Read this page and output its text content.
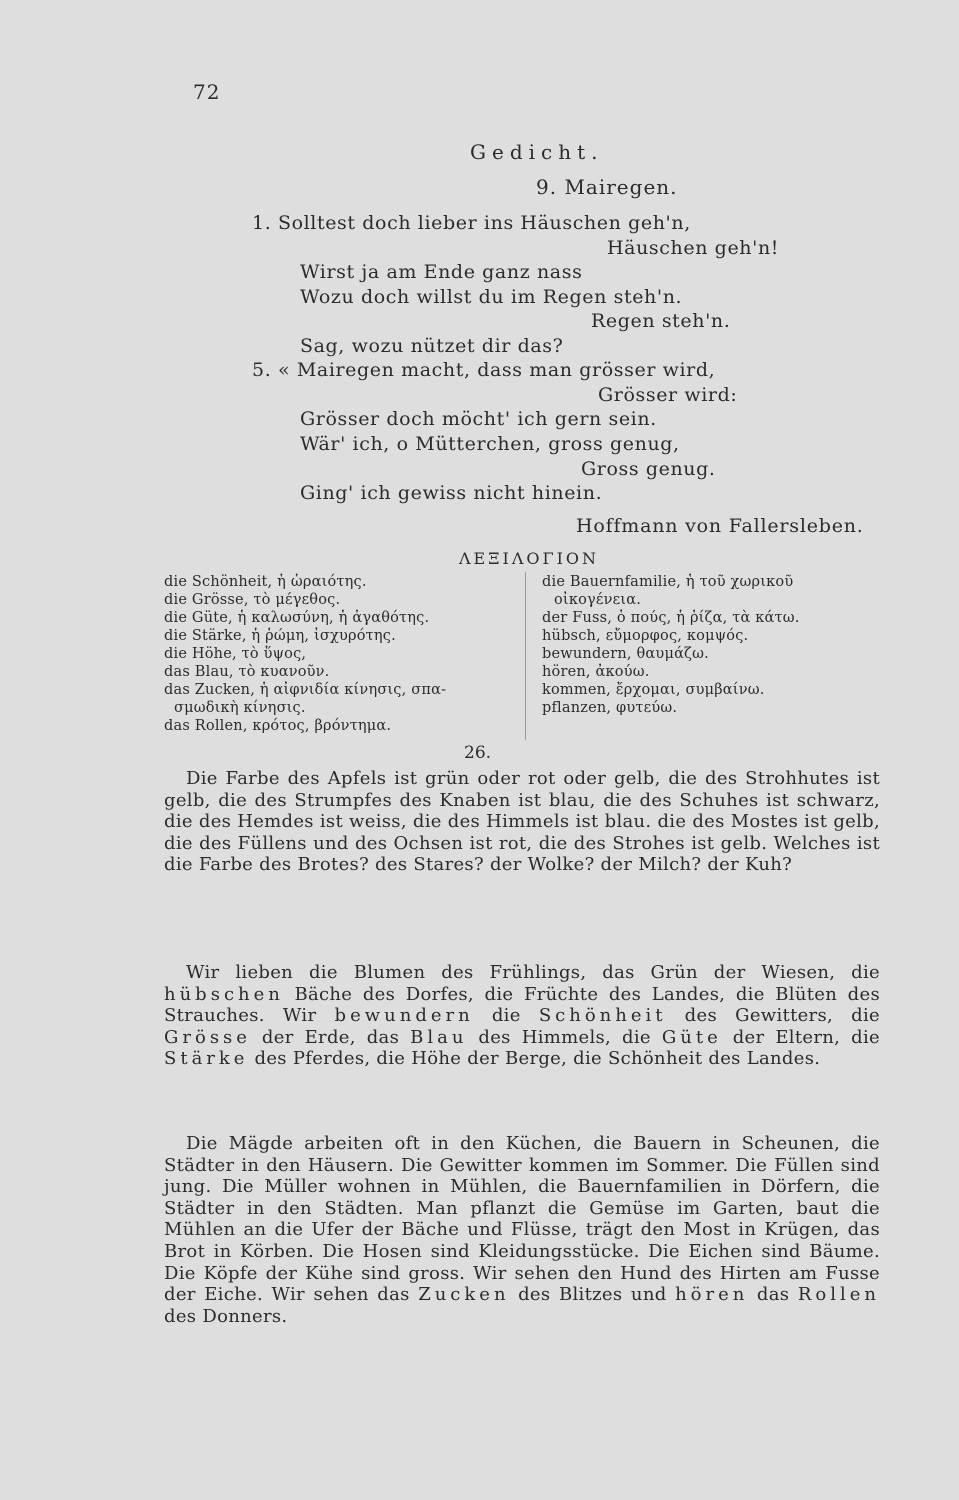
72
Gedicht.
9. Mairegen.
1. Solltest doch lieber ins Häuschen geh'n,
Häuschen geh'n!
Wirst ja am Ende ganz nass
Wozu doch willst du im Regen steh'n.
Regen steh'n.
Sag, wozu nützet dir das?
5. « Mairegen macht, dass man grösser wird,
Grösser wird:
Grösser doch möcht' ich gern sein.
Wär' ich, o Mütterchen, gross genug,
Gross genug.
Ging' ich gewiss nicht hinein.
Hoffmann von Fallersleben.
ΛΕΞΙΛΟΓΙΟΝ
die Schönheit, ἡ ὡραιότης.
die Grösse, τὸ μέγεθος.
die Güte, ἡ καλωσύνη, ἡ ἀγαθότης.
die Stärke, ἡ ῥώμη, ἰσχυρότης.
die Höhe, τὸ ὕψος,
das Blau, τὸ κυανοῦν.
das Zucken, ἡ αἰφνιδία κίνησις, σπα-
σμωδικὴ κίνησις.
das Rollen, κρότος, βρόντημα.
die Bauernfamilie, ἡ τοῦ χωρικοῦ
οἰκογένεια.
der Fuss, ὁ πούς, ἡ ῥίζα, τὰ κάτω.
hübsch, εὔμορφος, κομψός.
bewundern, θαυμάζω.
hören, ἀκούω.
kommen, ἔρχομαι, συμβαίνω.
pflanzen, φυτεύω.
26.

Die Farbe des Apfels ist grün oder rot oder gelb, die des Strohhutes ist gelb, die des Strumpfes des Knaben ist blau, die des Schuhes ist schwarz, die des Hemdes ist weiss, die des Himmels ist blau. die des Mostes ist gelb, die des Füllens und des Ochsen ist rot, die des Strohes ist gelb. Welches ist die Farbe des Brotes? des Stares? der Wolke? der Milch? der Kuh?

Wir lieben die Blumen des Frühlings, das Grün der Wiesen, die hübschen Bäche des Dorfes, die Früchte des Landes, die Blüten des Strauches. Wir bewundern die Schönheit des Gewitters, die Grösse der Erde, das Blau des Himmels, die Güte der Eltern, die Stärke des Pferdes, die Höhe der Berge, die Schönheit des Landes.

Die Mägde arbeiten oft in den Küchen, die Bauern in Scheunen, die Städter in den Häusern. Die Gewitter kommen im Sommer. Die Füllen sind jung. Die Müller wohnen in Mühlen, die Bauernfamilien in Dörfern, die Städter in den Städten. Man pflanzt die Gemüse im Garten, baut die Mühlen an die Ufer der Bäche und Flüsse, trägt den Most in Krügen, das Brot in Körben. Die Hosen sind Kleidungsstücke. Die Eichen sind Bäume. Die Köpfe der Kühe sind gross. Wir sehen den Hund des Hirten am Fusse der Eiche. Wir sehen das Zucken des Blitzes und hören das Rollen des Donners.
